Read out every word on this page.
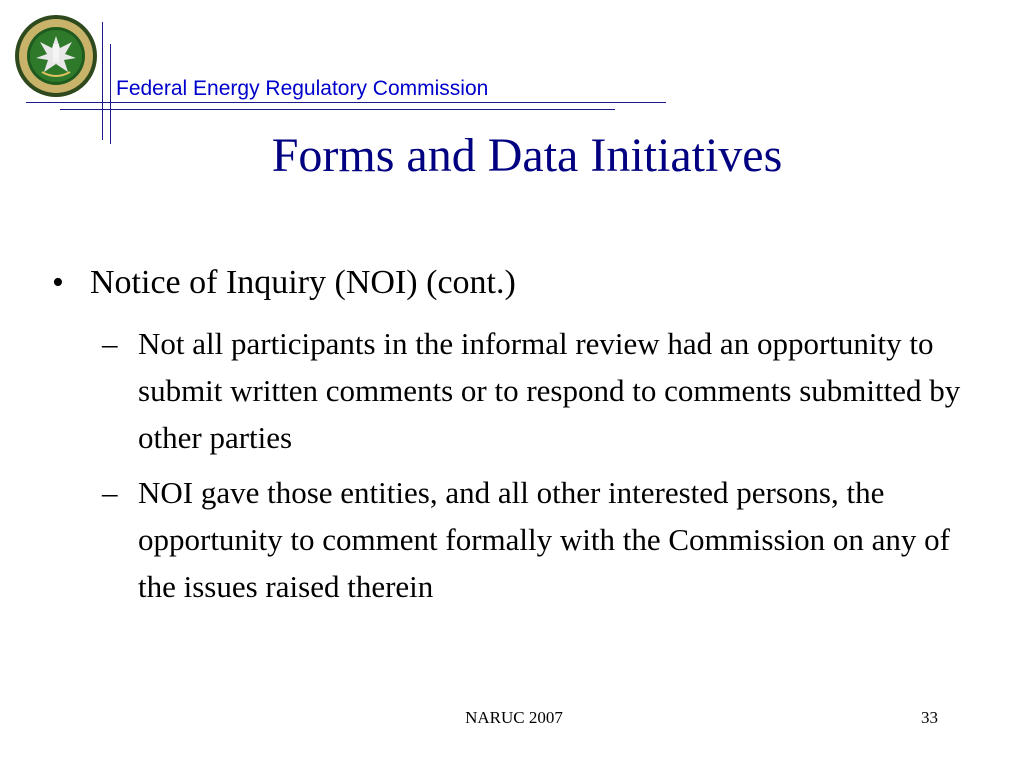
Federal Energy Regulatory Commission
Forms and Data Initiatives
• Notice of Inquiry (NOI) (cont.)
– Not all participants in the informal review had an opportunity to submit written comments or to respond to comments submitted by other parties
– NOI gave those entities, and all other interested persons, the opportunity to comment formally with the Commission on any of the issues raised therein
NARUC 2007	33
